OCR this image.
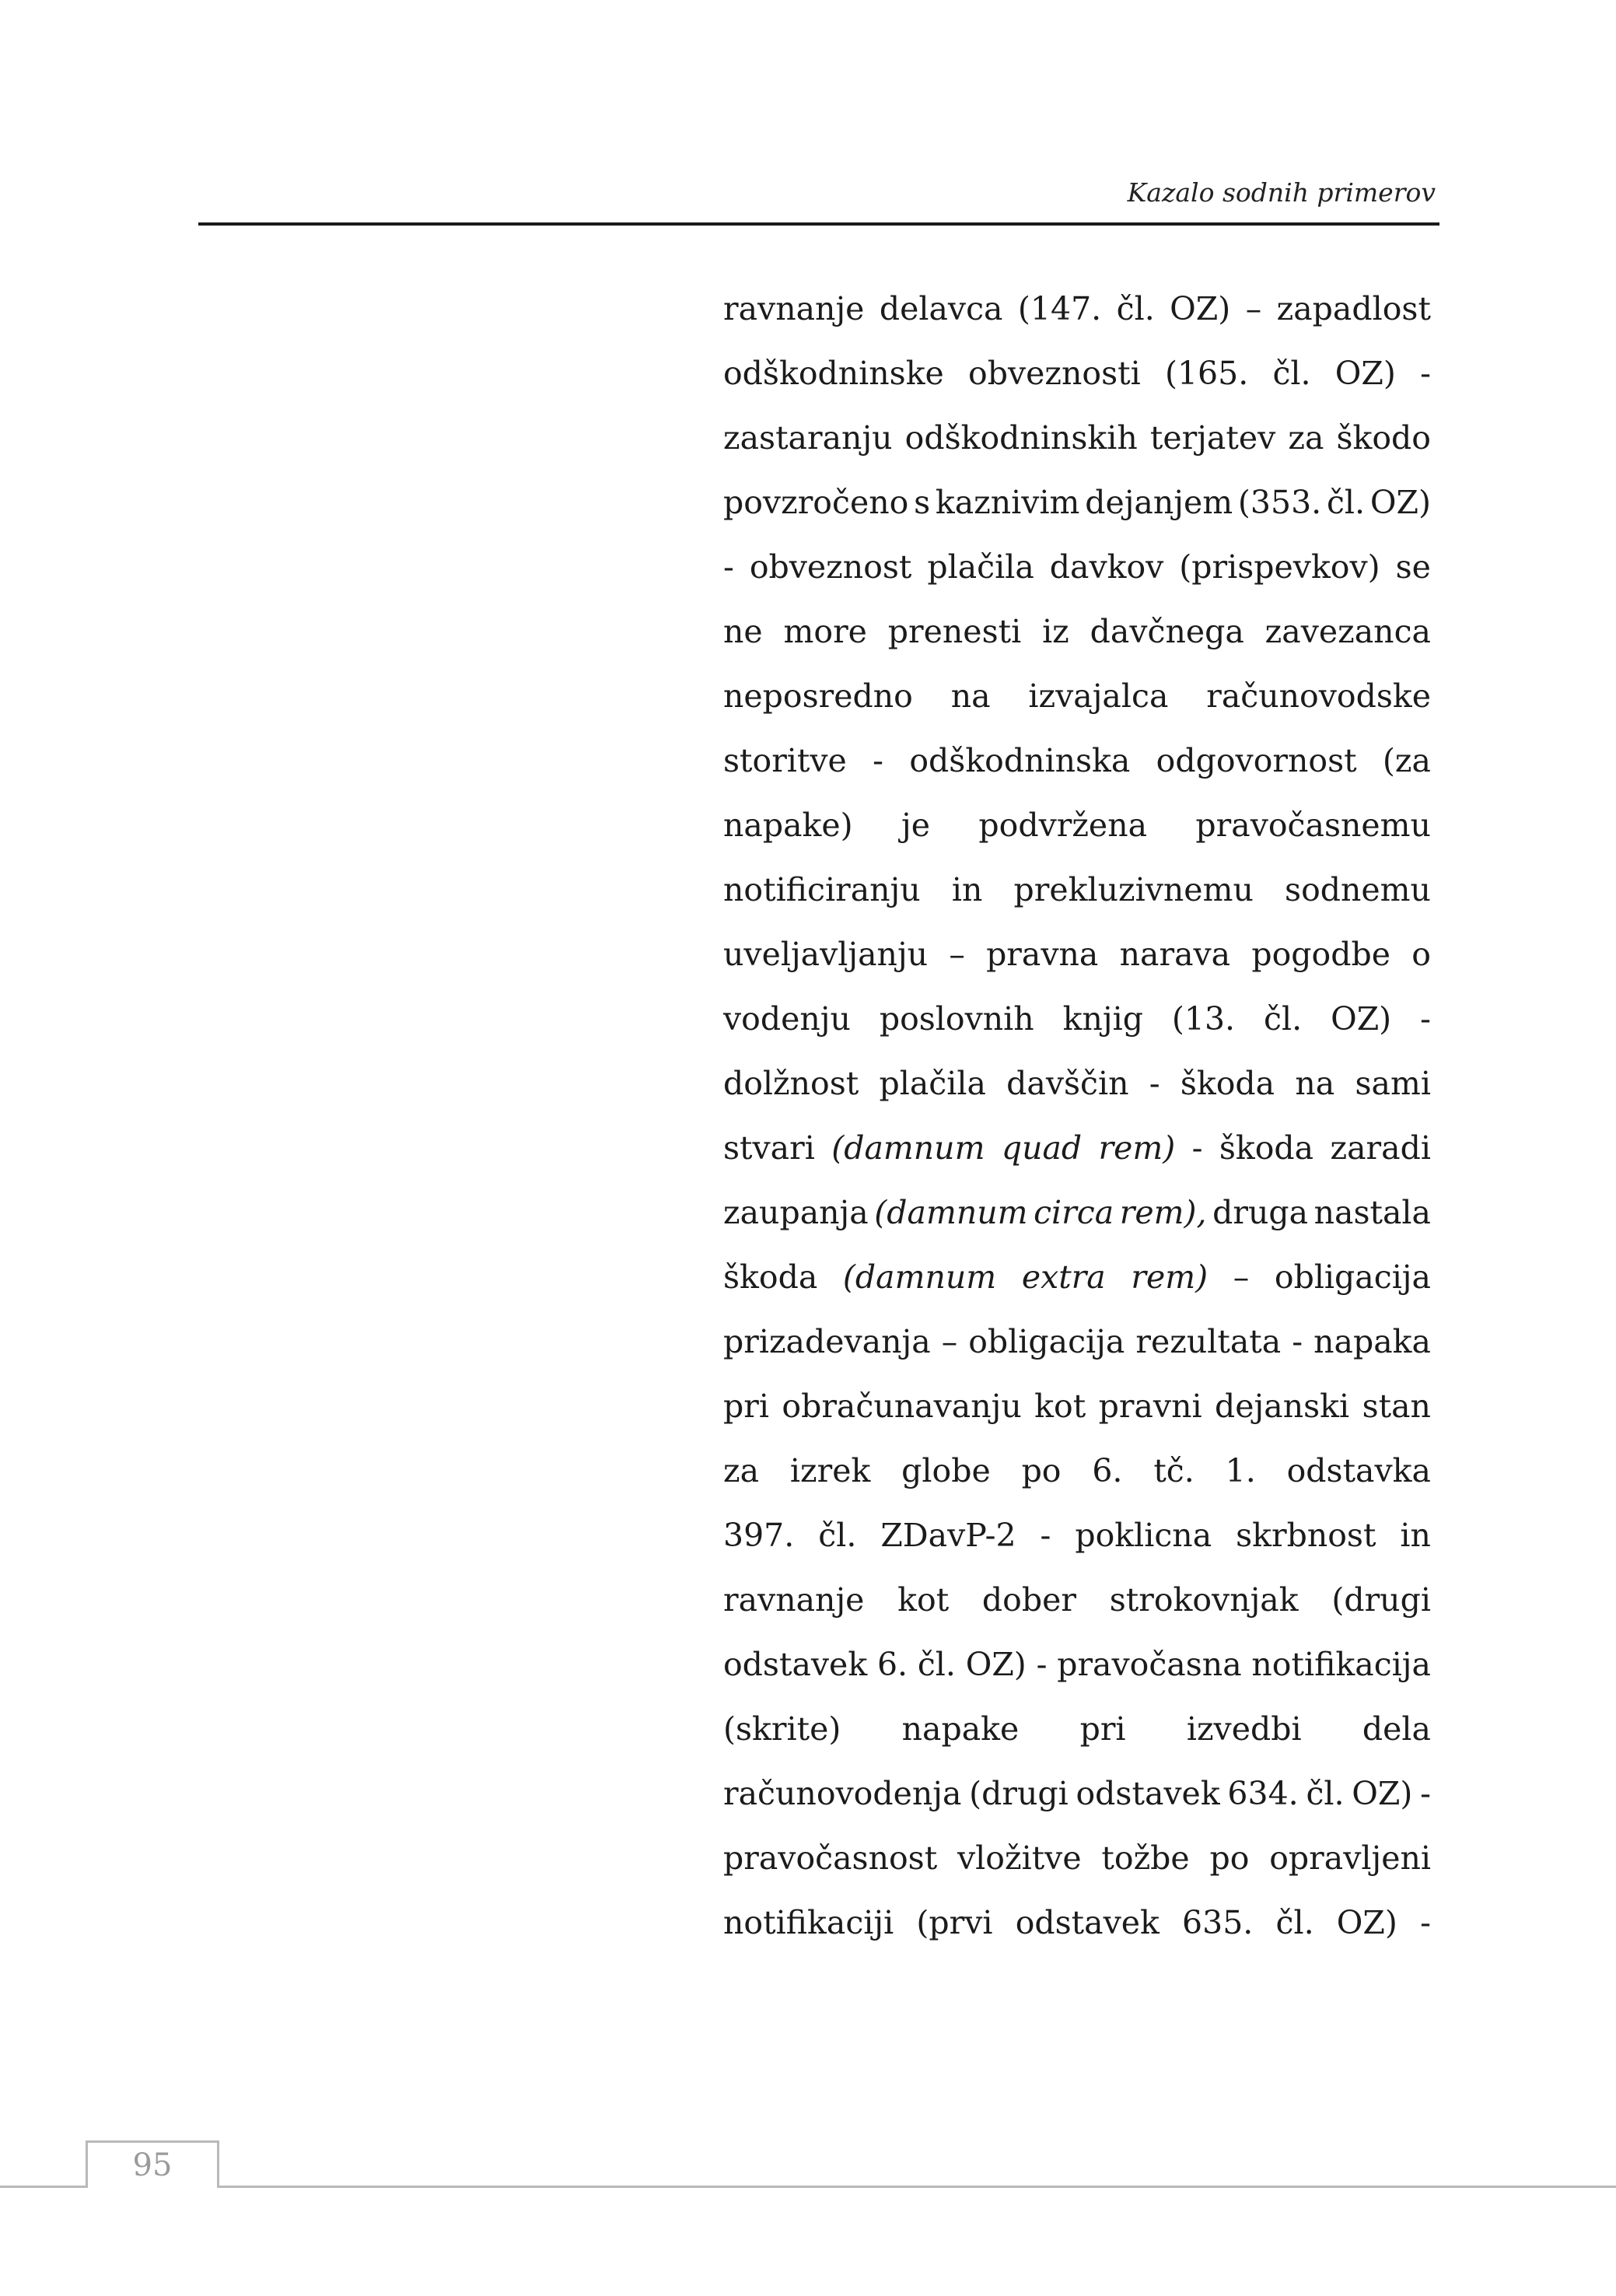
Kazalo sodnih primerov
ravnanje delavca (147. čl. OZ) – zapadlost
odškodninske obveznosti (165. čl. OZ) -
zastaranju odškodninskih terjatev za škodo
povzročeno s kaznivim dejanjem (353. čl. OZ)
- obveznost plačila davkov (prispevkov) se
ne more prenesti iz davčnega zavezanca
neposredno na izvajalca računovodske
storitve - odškodninska odgovornost (za
napake) je podvržena pravočasnemu
notificiranju in prekluzivnemu sodnemu
uveljavljanju – pravna narava pogodbe o
vodenju poslovnih knjig (13. čl. OZ) -
dolžnost plačila davščin - škoda na sami
stvari (damnum quad rem) - škoda zaradi
zaupanja (damnum circa rem), druga nastala
škoda (damnum extra rem) – obligacija
prizadevanja – obligacija rezultata - napaka
pri obračunavanju kot pravni dejanski stan
za izrek globe po 6. tč. 1. odstavka
397. čl. ZDavP-2 - poklicna skrbnost in
ravnanje kot dober strokovnjak (drugi
odstavek 6. čl. OZ) - pravočasna notifikacija
(skrite) napake pri izvedbi dela
računovodenja (drugi odstavek 634. čl. OZ) -
pravočasnost vložitve tožbe po opravljeni
notifikaciji (prvi odstavek 635. čl. OZ) -
95
